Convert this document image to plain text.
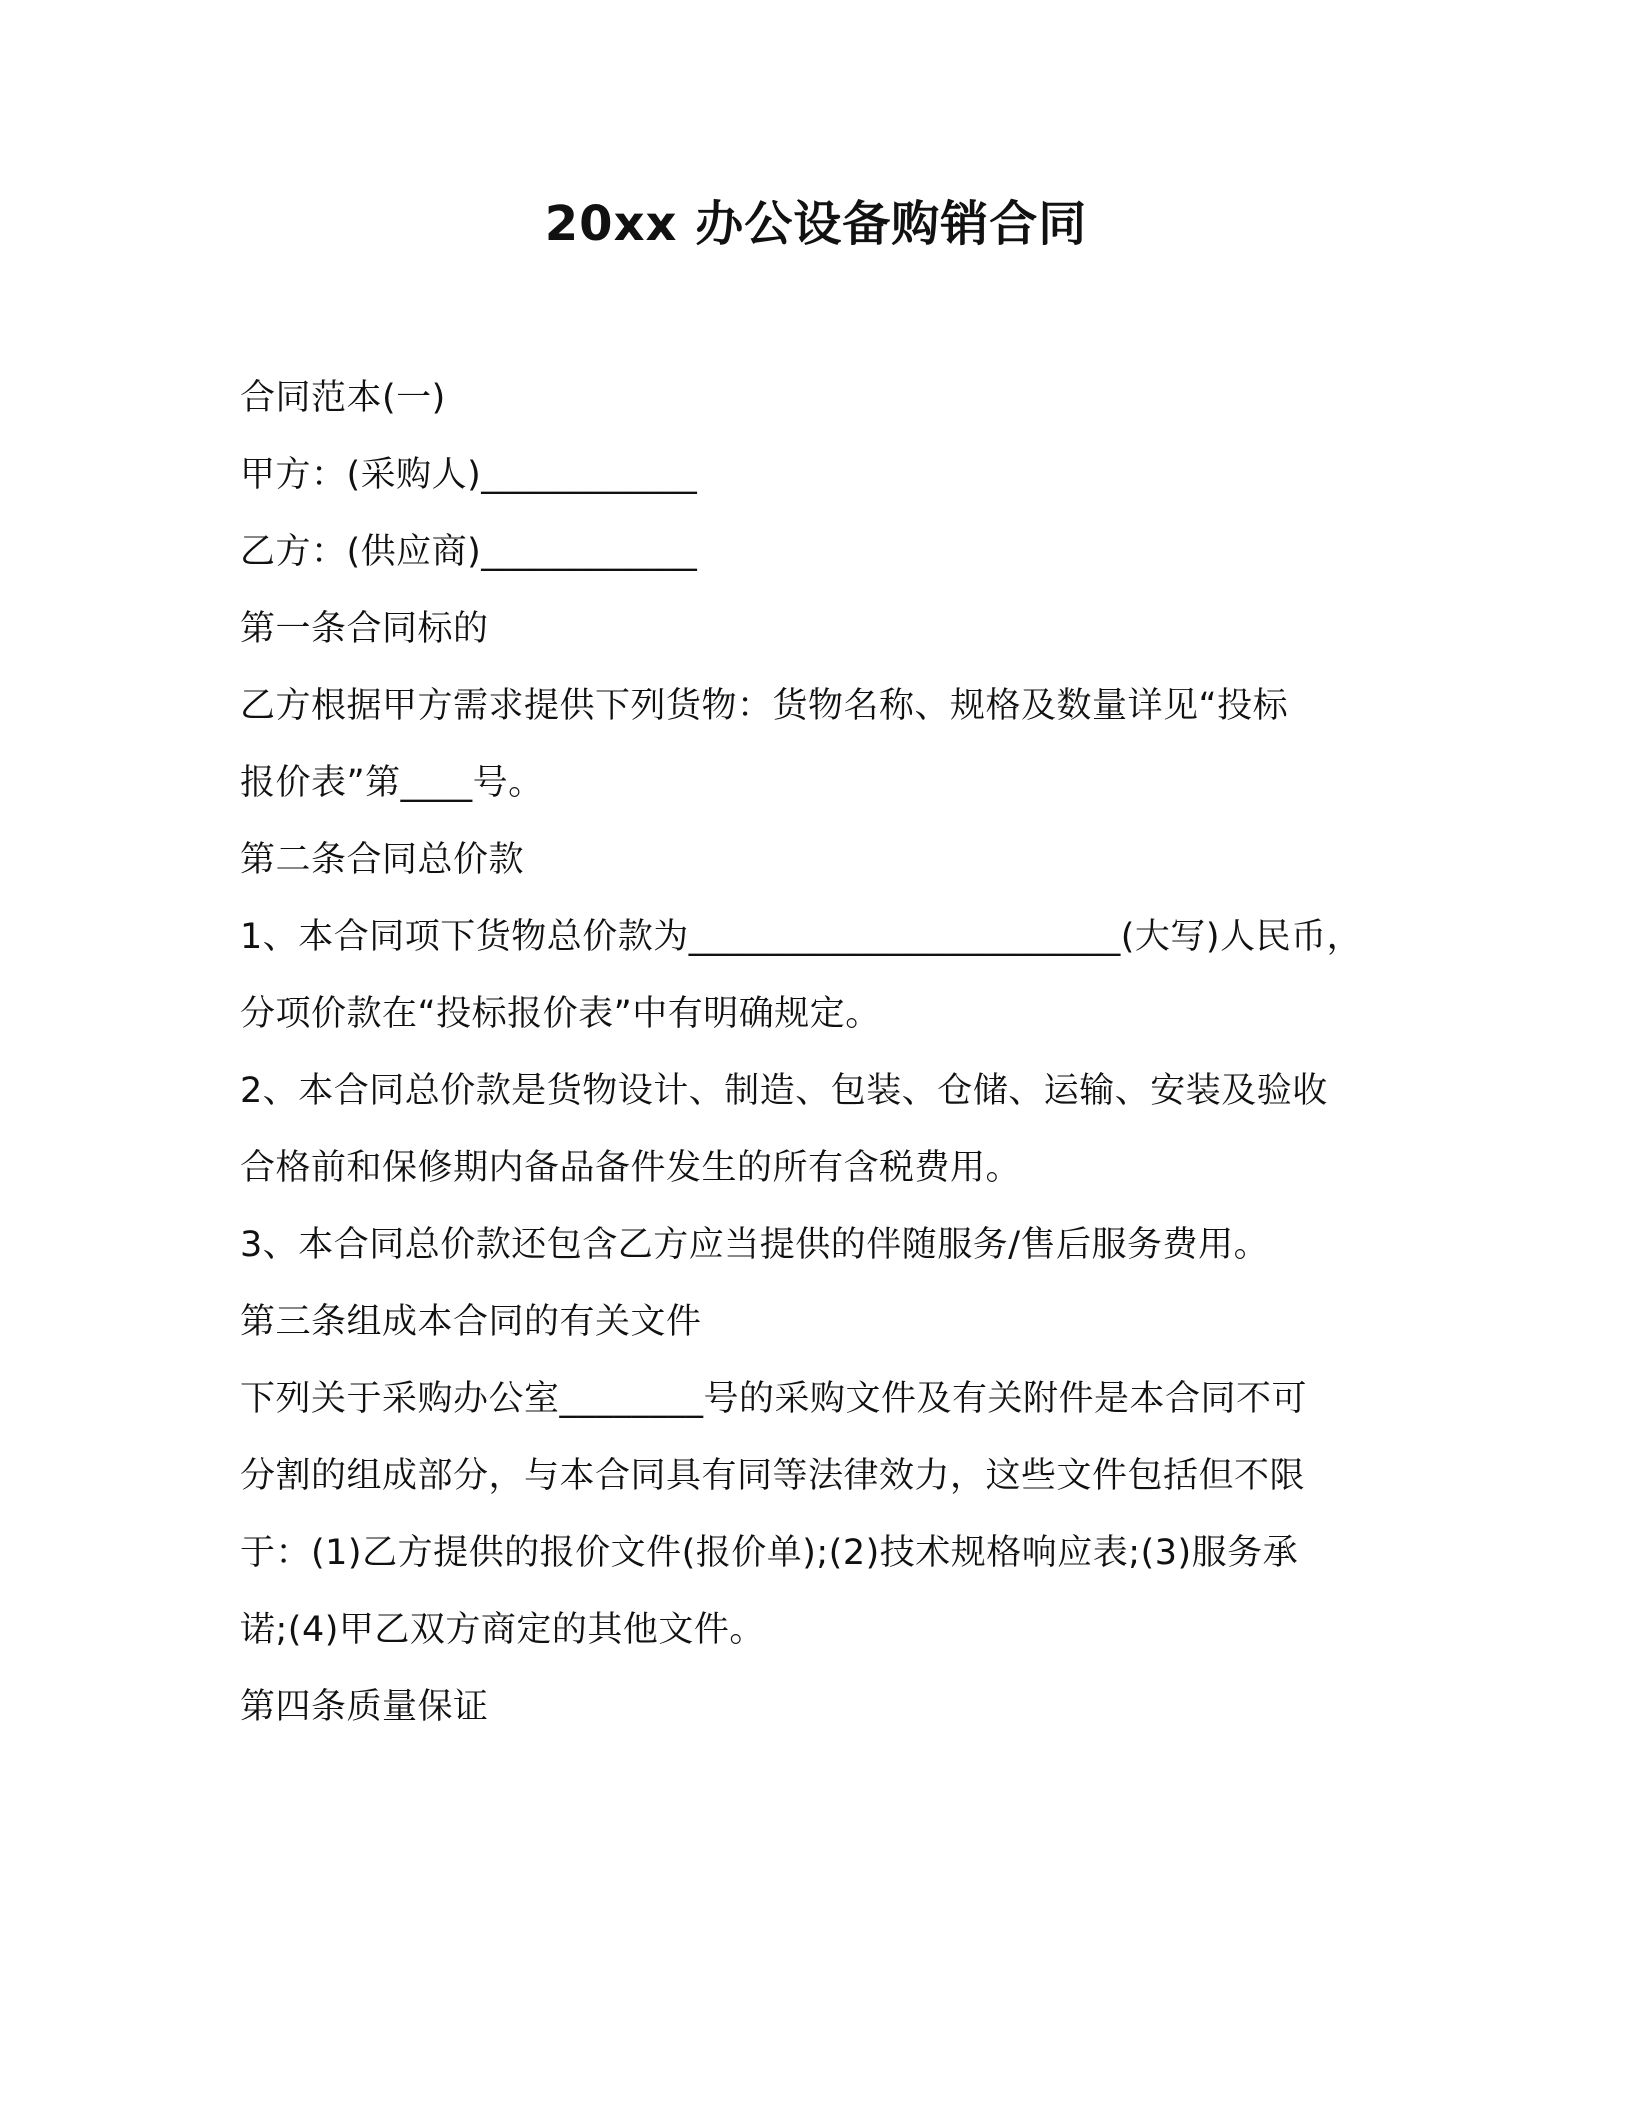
20xx 办公设备购销合同
合同范本(一)
甲方：(采购人)____________
乙方：(供应商)____________
第一条合同标的
乙方根据甲方需求提供下列货物：货物名称、规格及数量详见“投标
报价表”第____号。
第二条合同总价款
1、本合同项下货物总价款为________________________(大写)人民币，
分项价款在“投标报价表”中有明确规定。
2、本合同总价款是货物设计、制造、包装、仓储、运输、安装及验收
合格前和保修期内备品备件发生的所有含税费用。
3、本合同总价款还包含乙方应当提供的伴随服务/售后服务费用。
第三条组成本合同的有关文件
下列关于采购办公室________号的采购文件及有关附件是本合同不可
分割的组成部分，与本合同具有同等法律效力，这些文件包括但不限
于：(1)乙方提供的报价文件(报价单);(2)技术规格响应表;(3)服务承
诺;(4)甲乙双方商定的其他文件。
第四条质量保证
